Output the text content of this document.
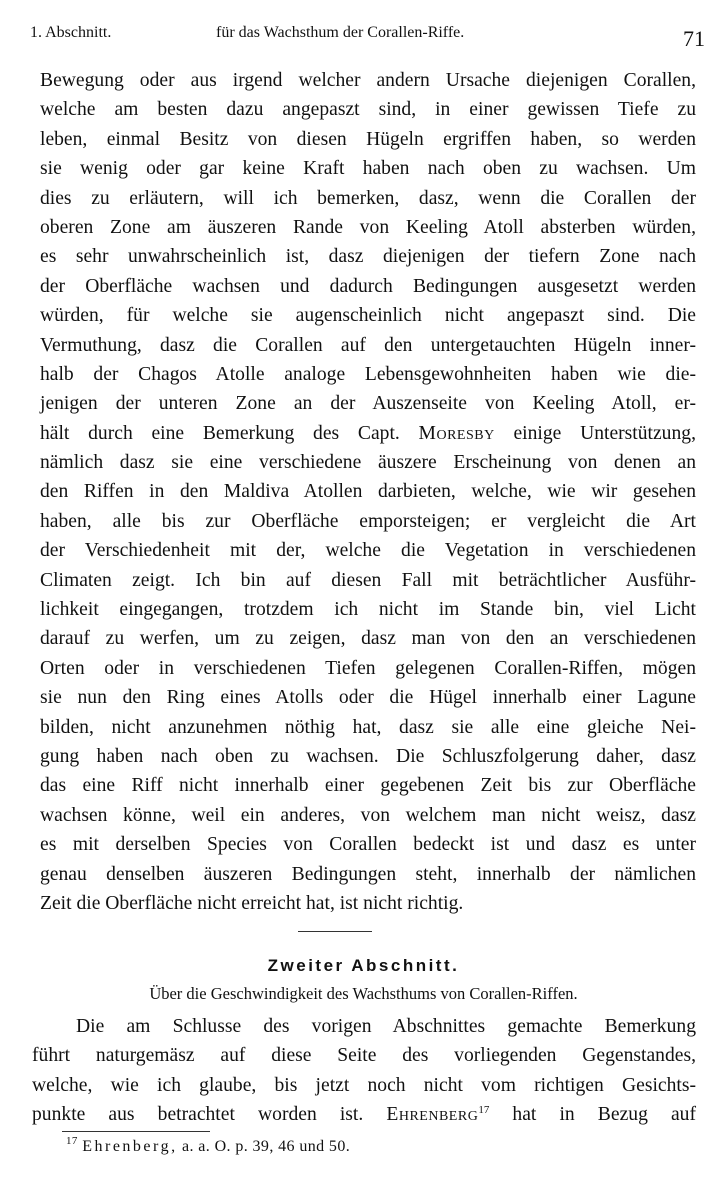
1. Abschnitt.	für das Wachsthum der Corallen-Riffe.	71
Bewegung oder aus irgend welcher andern Ursache diejenigen Corallen,
welche am besten dazu angepaszt sind, in einer gewissen Tiefe zu
leben, einmal Besitz von diesen Hügeln ergriffen haben, so werden
sie wenig oder gar keine Kraft haben nach oben zu wachsen. Um
dies zu erläutern, will ich bemerken, dasz, wenn die Corallen der
oberen Zone am äuszeren Rande von Keeling Atoll absterben würden,
es sehr unwahrscheinlich ist, dasz diejenigen der tiefern Zone nach
der Oberfläche wachsen und dadurch Bedingungen ausgesetzt werden
würden, für welche sie augenscheinlich nicht angepaszt sind. Die
Vermuthung, dasz die Corallen auf den untergetauchten Hügeln inner-
halb der Chagos Atolle analoge Lebensgewohnheiten haben wie die-
jenigen der unteren Zone an der Auszenseite von Keeling Atoll, er-
hält durch eine Bemerkung des Capt. Moresby einige Unterstützung,
nämlich dasz sie eine verschiedene äuszere Erscheinung von denen an
den Riffen in den Maldiva Atollen darbieten, welche, wie wir gesehen
haben, alle bis zur Oberfläche emporsteigen; er vergleicht die Art
der Verschiedenheit mit der, welche die Vegetation in verschiedenen
Climaten zeigt. Ich bin auf diesen Fall mit beträchtlicher Ausführ-
lichkeit eingegangen, trotzdem ich nicht im Stande bin, viel Licht
darauf zu werfen, um zu zeigen, dasz man von den an verschiedenen
Orten oder in verschiedenen Tiefen gelegenen Corallen-Riffen, mögen
sie nun den Ring eines Atolls oder die Hügel innerhalb einer Lagune
bilden, nicht anzunehmen nöthig hat, dasz sie alle eine gleiche Nei-
gung haben nach oben zu wachsen. Die Schluszfolgerung daher, dasz
das eine Riff nicht innerhalb einer gegebenen Zeit bis zur Oberfläche
wachsen könne, weil ein anderes, von welchem man nicht weisz, dasz
es mit derselben Species von Corallen bedeckt ist und dasz es unter
genau denselben äuszeren Bedingungen steht, innerhalb der nämlichen
Zeit die Oberfläche nicht erreicht hat, ist nicht richtig.
Zweiter Abschnitt.
Über die Geschwindigkeit des Wachsthums von Corallen-Riffen.
Die am Schlusse des vorigen Abschnittes gemachte Bemerkung
führt naturgemäsz auf diese Seite des vorliegenden Gegenstandes,
welche, wie ich glaube, bis jetzt noch nicht vom richtigen Gesichts-
punkte aus betrachtet worden ist. Ehrenberg$^{17}$ hat in Bezug auf
$^{17}$ Ehrenberg, a. a. O. p. 39, 46 und 50.
